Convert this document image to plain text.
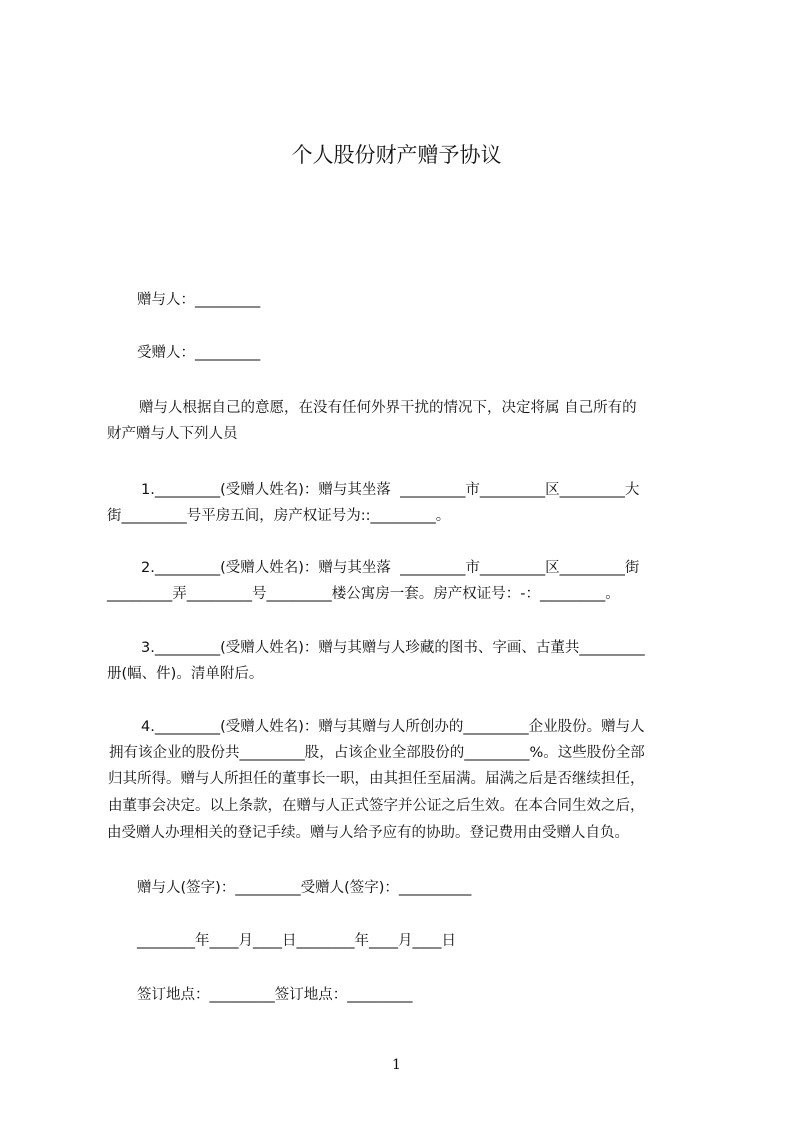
个人股份财产赠予协议
赠与人：_________
受赠人：_________
赠与人根据自己的意愿，在没有任何外界干扰的情况下，决定将属 自己所有的
财产赠与人下列人员
1._________(受赠人姓名)：赠与其坐落  _________市_________区_________大
街_________号平房五间，房产权证号为::_________。
2._________(受赠人姓名)：赠与其坐落  _________市_________区_________街
_________弄_________号_________楼公寓房一套。房产权证号：-：_________。
3._________(受赠人姓名)：赠与其赠与人珍藏的图书、字画、古董共_________
册(幅、件)。清单附后。
4._________(受赠人姓名)：赠与其赠与人所创办的_________企业股份。赠与人
拥有该企业的股份共_________股，占该企业全部股份的_________%。这些股份全部
归其所得。赠与人所担任的董事长一职，由其担任至届满。届满之后是否继续担任，
由董事会决定。以上条款，在赠与人正式签字并公证之后生效。在本合同生效之后，
由受赠人办理相关的登记手续。赠与人给予应有的协助。登记费用由受赠人自负。
赠与人(签字)：_________受赠人(签字)：__________
________年____月____日________年____月____日
签订地点：_________签订地点：_________
1
